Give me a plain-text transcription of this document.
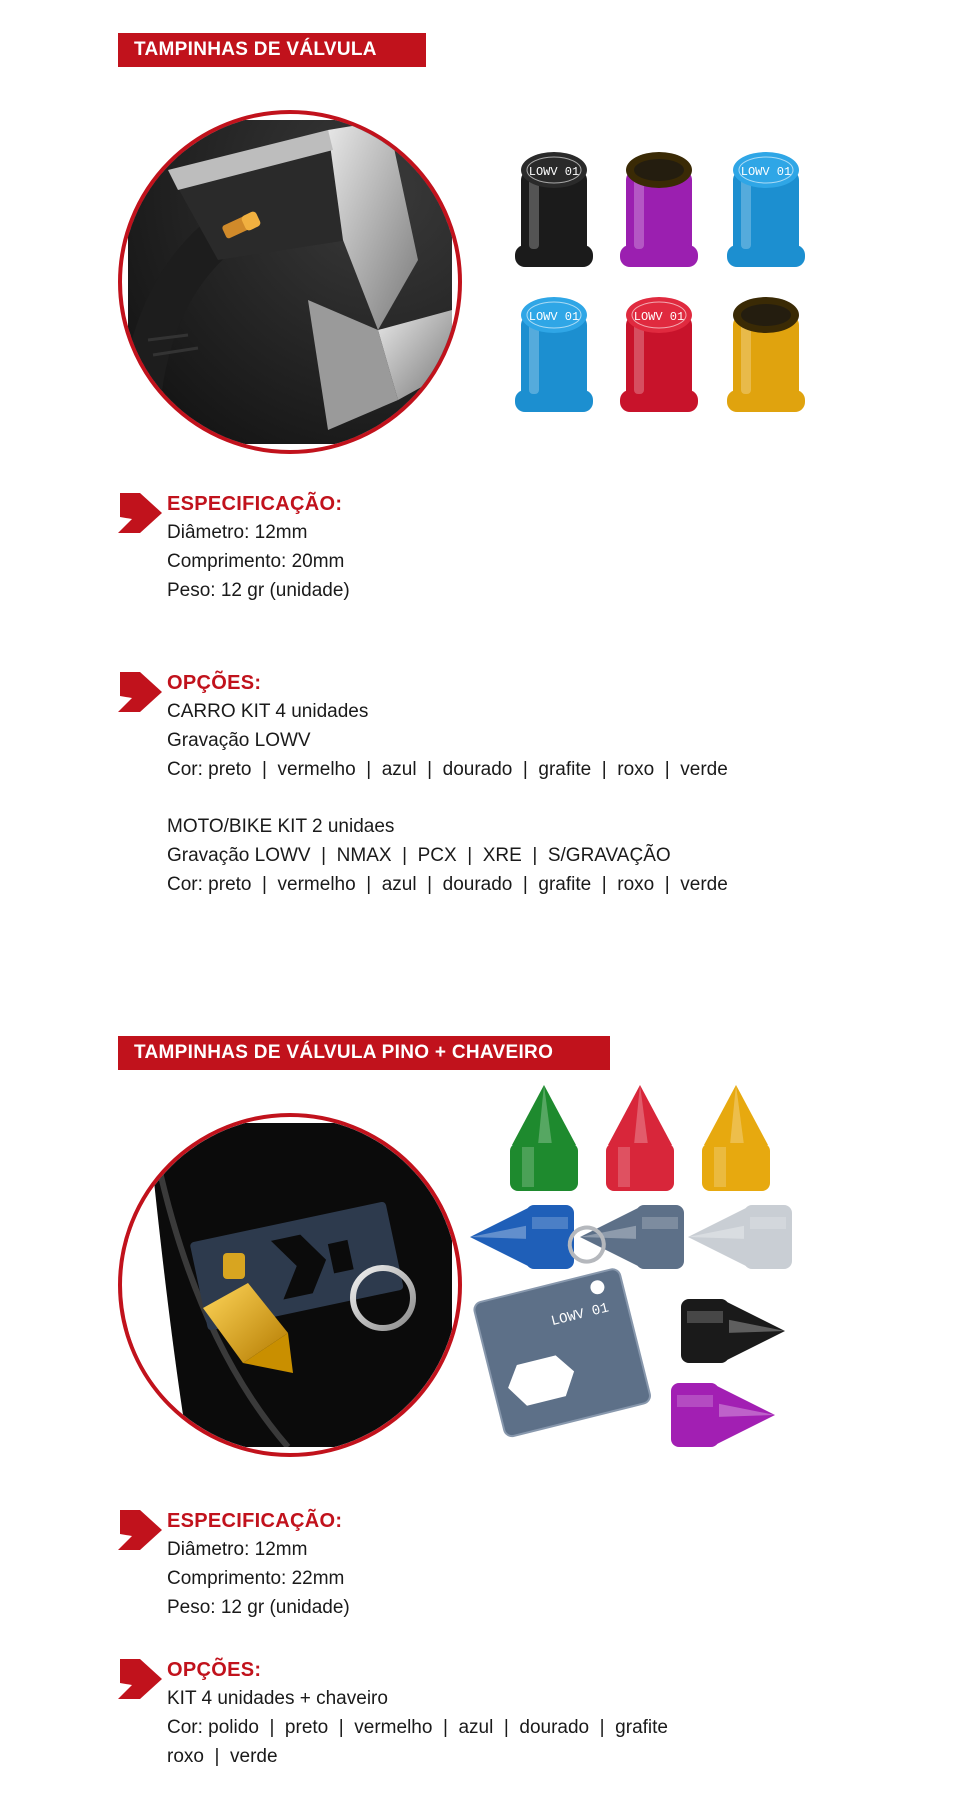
TAMPINHAS DE VÁLVULA
LOWV 01	LOWV 01
LOWV 01	LOWV 01
ESPECIFICAÇÃO:
Diâmetro: 12mm
Comprimento: 20mm
Peso: 12 gr (unidade)
OPÇÕES:
CARRO KIT 4 unidades
Gravação LOWV
Cor: preto  |  vermelho  |  azul  |  dourado  |  grafite  |  roxo  |  verde
MOTO/BIKE KIT 2 unidaes
Gravação LOWV  |  NMAX  |  PCX  |  XRE  |  S/GRAVAÇÃO
Cor: preto  |  vermelho  |  azul  |  dourado  |  grafite  |  roxo  |  verde
TAMPINHAS DE VÁLVULA PINO + CHAVEIRO
LOWV 01
ESPECIFICAÇÃO:
Diâmetro: 12mm
Comprimento: 22mm
Peso: 12 gr (unidade)
OPÇÕES:
KIT 4 unidades + chaveiro
Cor: polido  |  preto  |  vermelho  |  azul  |  dourado  |  grafite
roxo  |  verde
